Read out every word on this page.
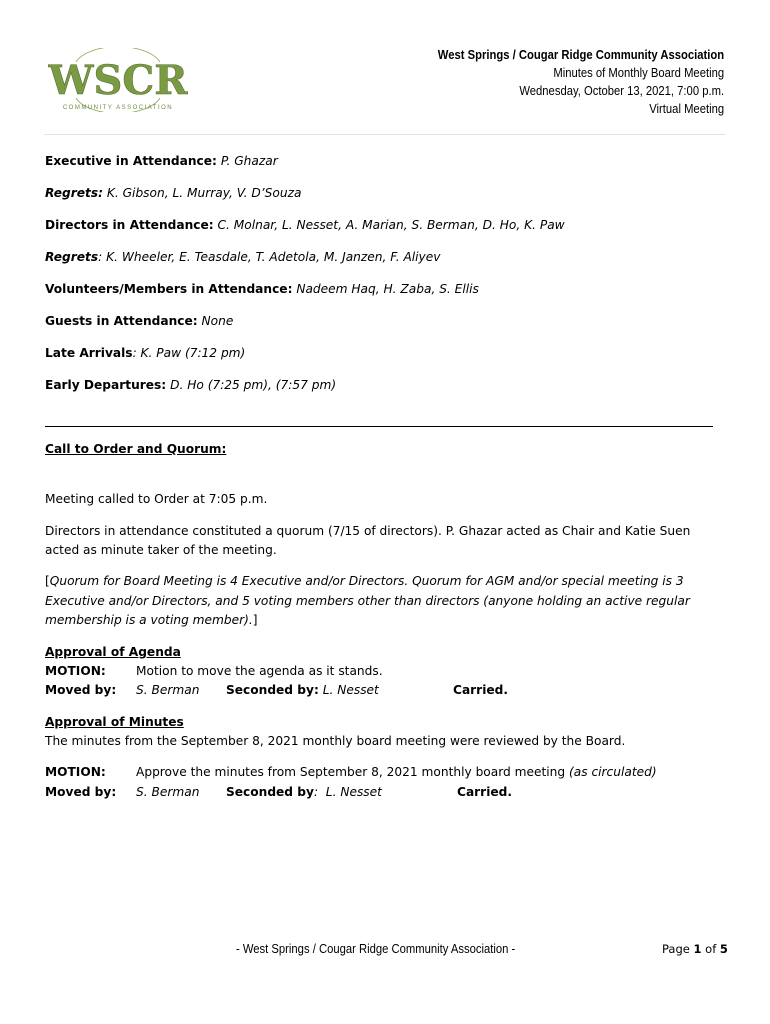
WSCR
COMMUNITY ASSOCIATION
West Springs / Cougar Ridge Community Association
Minutes of Monthly Board Meeting
Wednesday, October 13, 2021, 7:00 p.m.
Virtual Meeting
Executive in Attendance: P. Ghazar
Regrets: K. Gibson, L. Murray, V. D’Souza
Directors in Attendance: C. Molnar, L. Nesset, A. Marian, S. Berman, D. Ho, K. Paw
Regrets: K. Wheeler, E. Teasdale, T. Adetola, M. Janzen, F. Aliyev
Volunteers/Members in Attendance: Nadeem Haq, H. Zaba, S. Ellis
Guests in Attendance: None
Late Arrivals: K. Paw (7:12 pm)
Early Departures: D. Ho (7:25 pm), (7:57 pm)
Call to Order and Quorum:
Meeting called to Order at 7:05 p.m.
Directors in attendance constituted a quorum (7/15 of directors). P. Ghazar acted as Chair and Katie Suen
acted as minute taker of the meeting.
[Quorum for Board Meeting is 4 Executive and/or Directors. Quorum for AGM and/or special meeting is 3
Executive and/or Directors, and 5 voting members other than directors (anyone holding an active regular
membership is a voting member).]
Approval of Agenda
MOTION: Motion to move the agenda as it stands.
Moved by: S. Berman Seconded by: L. Nesset	Carried.
Approval of Minutes
The minutes from the September 8, 2021 monthly board meeting were reviewed by the Board.
MOTION: Approve the minutes from September 8, 2021 monthly board meeting (as circulated)
Moved by: S. Berman Seconded by:  L. Nesset	Carried.
- West Springs / Cougar Ridge Community Association -	Page 1 of 5
